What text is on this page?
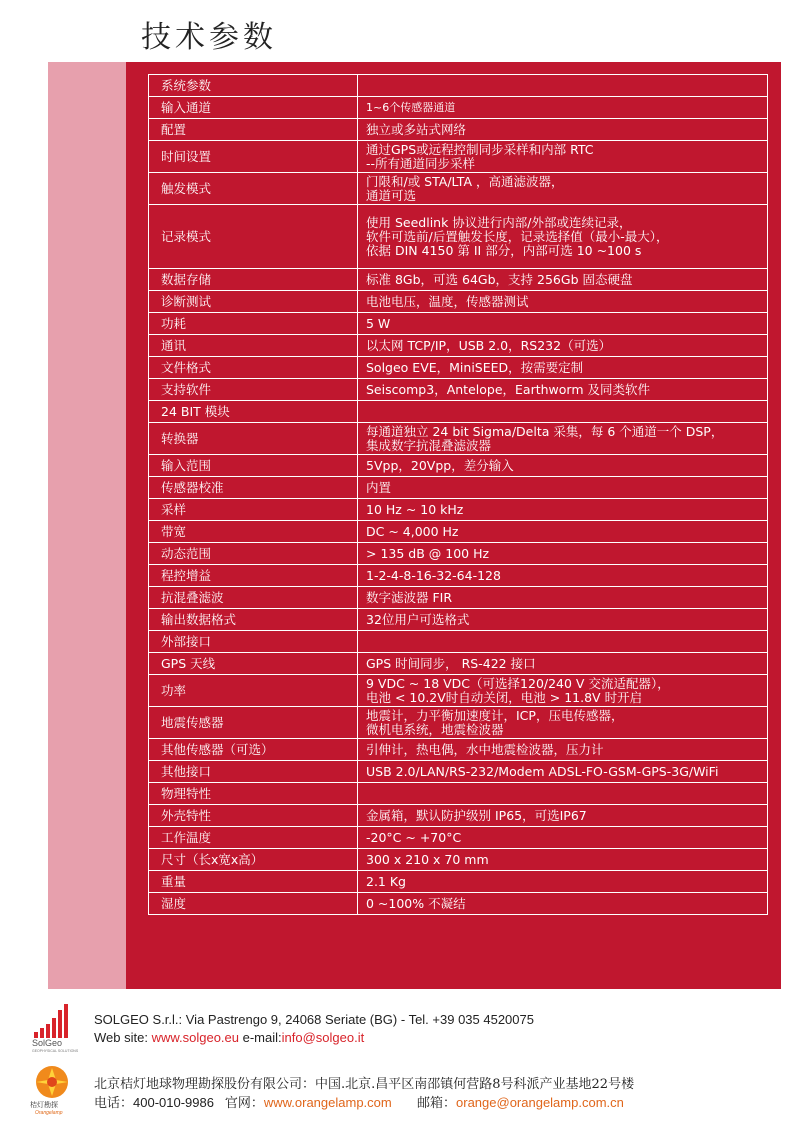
技术参数
系统参数	
输入通道	1~6个传感器通道
配置	独立或多站式网络
时间设置	通过GPS或远程控制同步采样和内部 RTC
--所有通道同步采样
触发模式	门限和/或 STA/LTA ，高通滤波器，
通道可选
记录模式	使用 Seedlink 协议进行内部/外部或连续记录，
软件可选前/后置触发长度，记录选择值（最小-最大），
依据 DIN 4150 第 II 部分，内部可选 10 ~100 s
数据存储	标准 8Gb，可选 64Gb，支持 256Gb 固态硬盘
诊断测试	电池电压，温度，传感器测试
功耗	5 W
通讯	以太网 TCP/IP，USB 2.0，RS232（可选）
文件格式	Solgeo EVE，MiniSEED，按需要定制
支持软件	Seiscomp3，Antelope，Earthworm 及同类软件
24 BIT 模块	
转换器	每通道独立 24 bit Sigma/Delta 采集，每 6 个通道一个 DSP，
集成数字抗混叠滤波器
输入范围	5Vpp，20Vpp，差分输入
传感器校准	内置
采样	10 Hz ~ 10 kHz
带宽	DC ~ 4,000 Hz
动态范围	> 135 dB @ 100 Hz
程控增益	1-2-4-8-16-32-64-128
抗混叠滤波	数字滤波器 FIR
输出数据格式	32位用户可选格式
外部接口	
GPS 天线	GPS 时间同步， RS-422 接口
功率	9 VDC ~ 18 VDC（可选择120/240 V 交流适配器），
电池 < 10.2V时自动关闭，电池 > 11.8V 时开启
地震传感器	地震计，力平衡加速度计，ICP，压电传感器，
微机电系统，地震检波器
其他传感器（可选）	引伸计，热电偶，水中地震检波器，压力计
其他接口	USB 2.0/LAN/RS-232/Modem ADSL-FO-GSM-GPS-3G/WiFi
物理特性	
外壳特性	金属箱，默认防护级别 IP65，可选IP67
工作温度	-20°C ~ +70°C
尺寸（长x宽x高）	300 x 210 x 70 mm
重量	2.1 Kg
湿度	0 ~100% 不凝结
SolGeo
GEOPHYSICAL SOLUTIONS
SOLGEO S.r.l.: Via Pastrengo 9, 24068 Seriate (BG) - Tel. +39 035 4520075
Web site: www.solgeo.eu e-mail:info@solgeo.it
桔灯勘探
Orangelamp
北京桔灯地球物理勘探股份有限公司：中国.北京.昌平区南邵镇何营路8号科派产业基地22号楼
电话：400-010-9986   官网：www.orangelamp.com       邮箱：orange@orangelamp.com.cn
